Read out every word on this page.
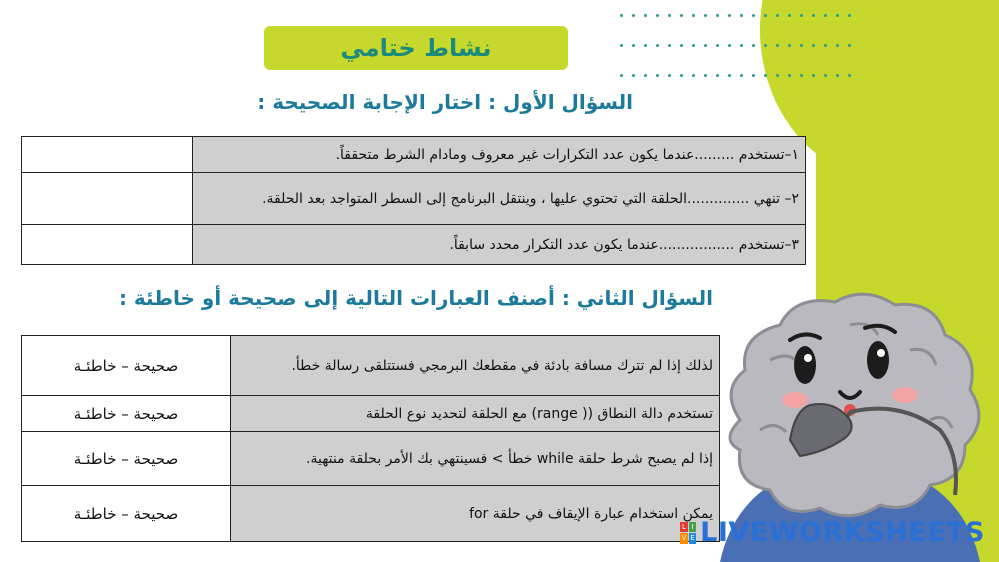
نشاط ختامي
السؤال الأول : اختار الإجابة الصحيحة :
١–تستخدم .........عندما يكون عدد التكرارات غير معروف ومادام الشرط متحققاً.	
٢– تنهي ..............الحلقة التي تحتوي عليها ، وينتقل البرنامج إلى السطر المتواجد بعد الحلقة.	
٣–تستخدم .................عندما يكون عدد التكرار محدد سابقاً.	
السؤال الثاني : أصنف العبارات التالية إلى صحيحة أو خاطئة :
لذلك إذا لم تترك مسافة بادئة في مقطعك البرمجي فستتلقى رسالة خطأ.	صحيحة – خاطئـة
تستخدم دالة النطاق (( range) مع الحلقة لتحديد نوع الحلقة	صحيحة – خاطئـة
إذا لم يصبح شرط حلقة while خطأ > فسينتهي بك الأمر بحلقة منتهية.	صحيحة – خاطئـة
يمكن استخدام عبارة الإيقاف في حلقة for	صحيحة – خاطئـة
L I
V E LIVEWORKSHEETS
